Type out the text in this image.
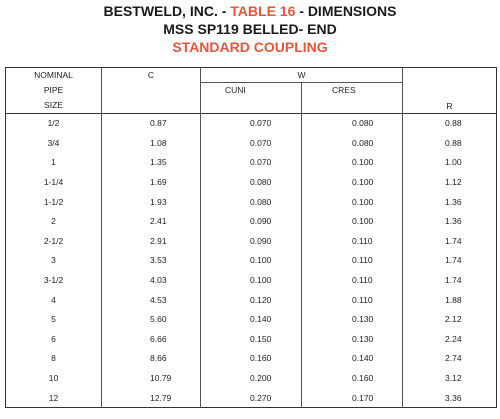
BESTWELD, INC. - TABLE 16 - DIMENSIONS
MSS SP119 BELLED- END
STANDARD COUPLING
NOMINAL	C	W		R
PIPE		CUNI	CRES	
SIZE				
1/2	0.87	0.070	0.080	0.88
3/4	1.08	0.070	0.080	0.88
1	1.35	0.070	0.100	1.00
1-1/4	1.69	0.080	0.100	1.12
1-1/2	1.93	0.080	0.100	1.36
2	2.41	0.090	0.100	1.36
2-1/2	2.91	0.090	0.110	1.74
3	3.53	0.100	0.110	1.74
3-1/2	4.03	0.100	0.110	1.74
4	4.53	0.120	0.110	1.88
5	5.60	0.140	0.130	2.12
6	6.66	0.150	0.130	2.24
8	8.66	0.160	0.140	2.74
10	10.79	0.200	0.160	3.12
12	12.79	0.270	0.170	3.36
